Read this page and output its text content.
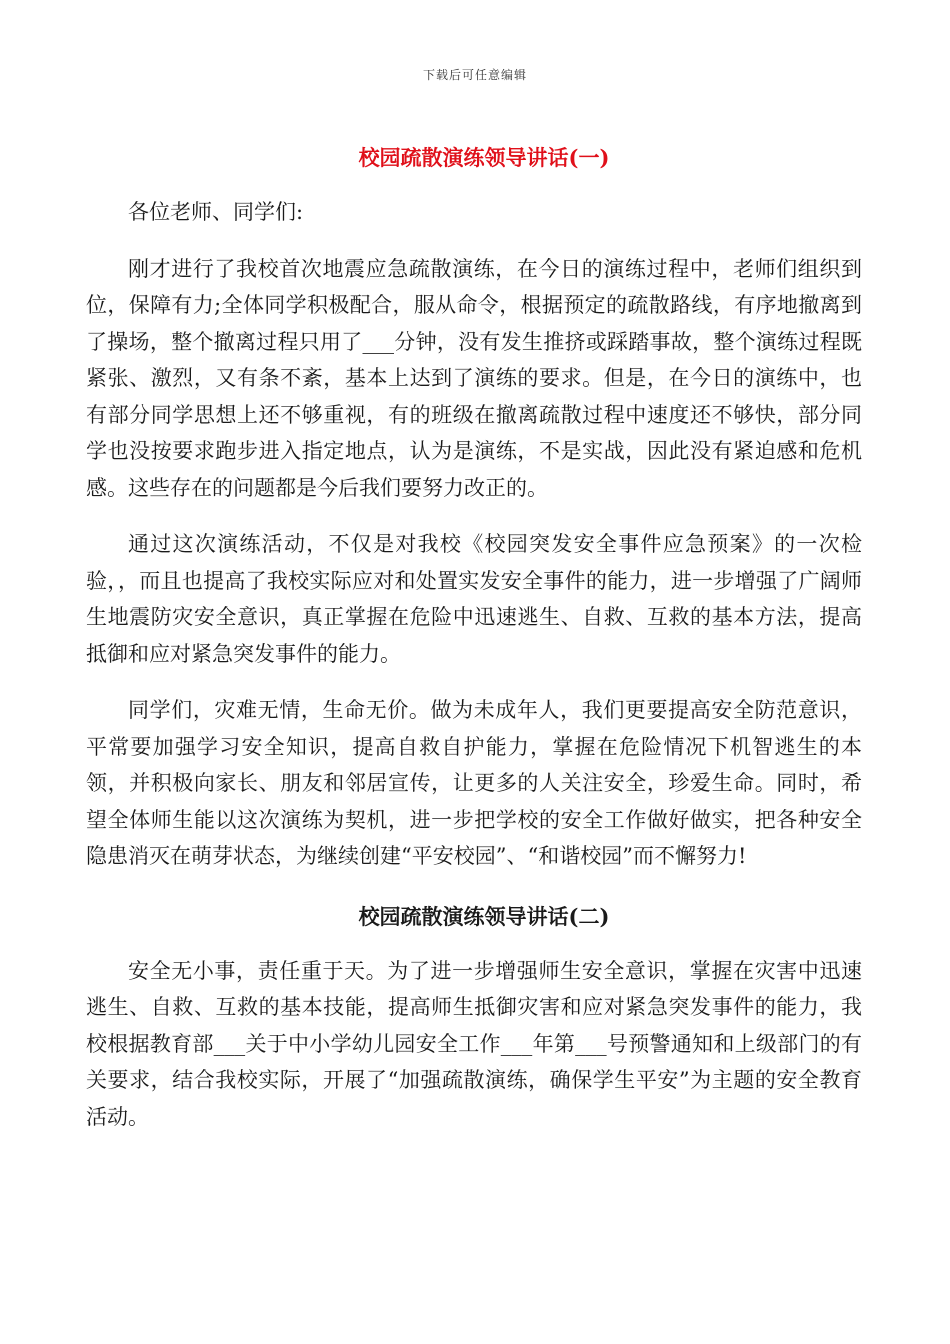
下载后可任意编辑
校园疏散演练领导讲话(一)

各位老师、同学们:

刚才进行了我校首次地震应急疏散演练，在今日的演练过程中，老师们组织到位，保障有力;全体同学积极配合，服从命令，根据预定的疏散路线，有序地撤离到了操场，整个撤离过程只用了___分钟，没有发生推挤或踩踏事故，整个演练过程既紧张、激烈，又有条不紊，基本上达到了演练的要求。但是，在今日的演练中，也有部分同学思想上还不够重视，有的班级在撤离疏散过程中速度还不够快，部分同学也没按要求跑步进入指定地点，认为是演练，不是实战，因此没有紧迫感和危机感。这些存在的问题都是今后我们要努力改正的。

通过这次演练活动，不仅是对我校《校园突发安全事件应急预案》的一次检验，，而且也提高了我校实际应对和处置实发安全事件的能力，进一步增强了广阔师生地震防灾安全意识，真正掌握在危险中迅速逃生、自救、互救的基本方法，提高抵御和应对紧急突发事件的能力。

同学们，灾难无情，生命无价。做为未成年人，我们更要提高安全防范意识，平常要加强学习安全知识，提高自救自护能力，掌握在危险情况下机智逃生的本领，并积极向家长、朋友和邻居宣传，让更多的人关注安全，珍爱生命。同时，希望全体师生能以这次演练为契机，进一步把学校的安全工作做好做实，把各种安全隐患消灭在萌芽状态，为继续创建“平安校园”、“和谐校园”而不懈努力!

校园疏散演练领导讲话(二)

安全无小事，责任重于天。为了进一步增强师生安全意识，掌握在灾害中迅速逃生、自救、互救的基本技能，提高师生抵御灾害和应对紧急突发事件的能力，我校根据教育部___关于中小学幼儿园安全工作___年第___号预警通知和上级部门的有关要求，结合我校实际，开展了“加强疏散演练，确保学生平安”为主题的安全教育活动。
